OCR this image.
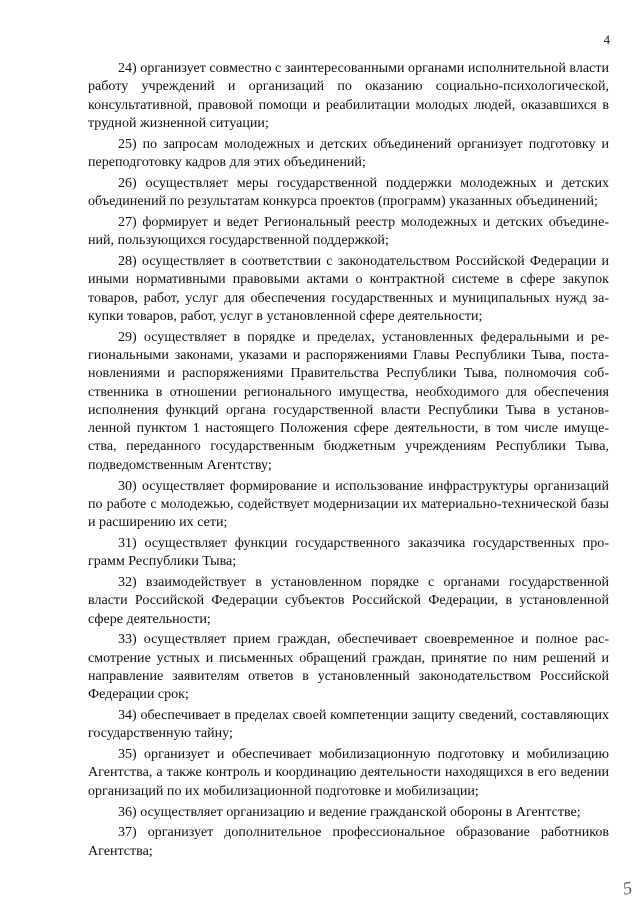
4

24) организует совместно с заинтересованными органами исполнительной власти работу учреждений и организаций по оказанию социально-психологической, консультативной, правовой помощи и реабилитации молодых людей, оказавшихся в трудной жизненной ситуации;

25) по запросам молодежных и детских объединений организует подготовку и переподготовку кадров для этих объединений;

26) осуществляет меры государственной поддержки молодежных и детских объединений по результатам конкурса проектов (программ) указанных объединений;

27) формирует и ведет Региональный реестр молодежных и детских объединений, пользующихся государственной поддержкой;

28) осуществляет в соответствии с законодательством Российской Федерации и иными нормативными правовыми актами о контрактной системе в сфере закупок товаров, работ, услуг для обеспечения государственных и муниципальных нужд закупки товаров, работ, услуг в установленной сфере деятельности;

29) осуществляет в порядке и пределах, установленных федеральными и региональными законами, указами и распоряжениями Главы Республики Тыва, постановлениями и распоряжениями Правительства Республики Тыва, полномочия собственника в отношении регионального имущества, необходимого для обеспечения исполнения функций органа государственной власти Республики Тыва в установленной пунктом 1 настоящего Положения сфере деятельности, в том числе имущества, переданного государственным бюджетным учреждениям Республики Тыва, подведомственным Агентству;

30) осуществляет формирование и использование инфраструктуры организаций по работе с молодежью, содействует модернизации их материально-технической базы и расширению их сети;

31) осуществляет функции государственного заказчика государственных программ Республики Тыва;

32) взаимодействует в установленном порядке с органами государственной власти Российской Федерации субъектов Российской Федерации, в установленной сфере деятельности;

33) осуществляет прием граждан, обеспечивает своевременное и полное рассмотрение устных и письменных обращений граждан, принятие по ним решений и направление заявителям ответов в установленный законодательством Российской Федерации срок;

34) обеспечивает в пределах своей компетенции защиту сведений, составляющих государственную тайну;

35) организует и обеспечивает мобилизационную подготовку и мобилизацию Агентства, а также контроль и координацию деятельности находящихся в его ведении организаций по их мобилизационной подготовке и мобилизации;

36) осуществляет организацию и ведение гражданской обороны в Агентстве;

37) организует дополнительное профессиональное образование работников Агентства;

5
